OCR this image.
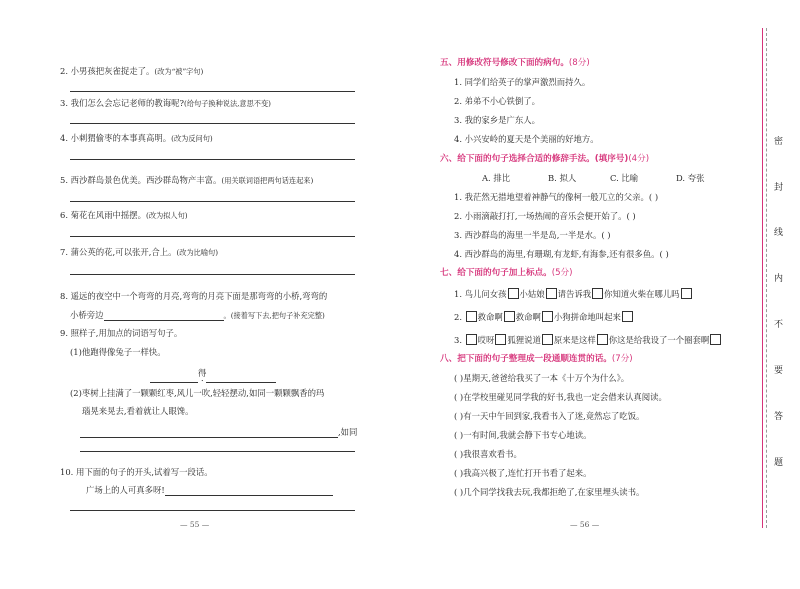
2. 小男孩把灰雀捉走了。(改为“被”字句)
3. 我们怎么会忘记老师的教诲呢?(给句子换种说法,意思不变)
4. 小刺猬偷枣的本事真高明。(改为反问句)
5. 西沙群岛景色优美。西沙群岛物产丰富。(用关联词语把两句话连起来)
6. 菊花在风雨中摇摆。(改为拟人句)
7. 蒲公英的花,可以张开,合上。(改为比喻句)
8. 遥远的夜空中一个弯弯的月亮,弯弯的月亮下面是那弯弯的小桥,弯弯的
小桥旁边	。(接着写下去,把句子补充完整)
9. 照样子,用加点的词语写句子。
(1)他跑得像兔子一样快。
得
(2)枣树上挂满了一颗颗红枣,风儿一吹,轻轻摆动,如同一颗颗飘香的玛
瑙晃来晃去,看着就让人眼馋。
,如同
10. 用下面的句子的开头,试着写一段话。
广场上的人可真多呀!
— 55 —
五、用修改符号修改下面的病句。(8分)
1. 同学们给英子的掌声激烈而持久。
2. 弟弟不小心铁倒了。
3. 我的家乡是广东人。
4. 小兴安岭的夏天是个美丽的好地方。
六、给下面的句子选择合适的修辞手法。(填序号)(4分)
A. 排比	B. 拟人	C. 比喻	D. 夸张
1. 我茫然无措地望着神静气的像柯一般兀立的父亲。( )
2. 小雨滴敲打打,一场热闹的音乐会便开始了。( )
3. 西沙群岛的海里一半是岛,一半是水。( )
4. 西沙群岛的海里,有珊瑚,有龙虾,有海参,还有很多鱼。( )
七、给下面的句子加上标点。(5分)
1. 鸟儿问女孩 小姑娘 请告诉我 你知道火柴在哪儿吗
2. 救命啊 救命啊 小狗拼命地叫起来
3. 哎呀 狐狸说道 原来是这样 你这是给我设了一个圈套啊
八、把下面的句子整理成一段通顺连贯的话。(7分)
( )星期天,爸爸给我买了一本《十万个为什么》。
( )在学校里碰见同学我的好书,我也一定会借来认真阅读。
( )有一天中午回到家,我看书入了迷,竟然忘了吃饭。
( )一有时间,我就会静下书专心地读。
( )我很喜欢看书。
( )我高兴极了,连忙打开书看了起来。
( )几个同学找我去玩,我都拒绝了,在家里埋头读书。
— 56 —
密
封
线
内
不
要
答
题
